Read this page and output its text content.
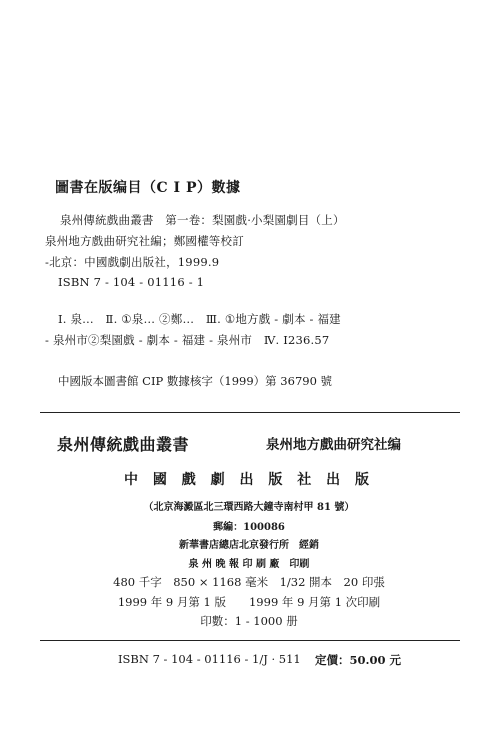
圖書在版编目（C I P）數據
泉州傳統戲曲叢書　第一卷：梨園戲·小梨園劇目（上）
泉州地方戲曲研究社編；鄭國權等校訂
-北京：中國戲劇出版社，1999.9
ISBN 7 - 104 - 01116 - 1
Ⅰ. 泉…　Ⅱ. ①泉… ②鄭…　Ⅲ. ①地方戲 - 劇本 - 福建
- 泉州市②梨園戲 - 劇本 - 福建 - 泉州市　Ⅳ. I236.57
中國版本圖書館 CIP 數據核字（1999）第 36790 號
泉州傳統戲曲叢書	泉州地方戲曲研究社编
中 國 戲 劇 出 版 社 出 版
（北京海澱區北三環西路大鐘寺南村甲 81 號）
郵編：100086
新華書店總店北京發行所　經銷
泉 州 晚 報 印 刷 廠　印刷
480 千字　850 × 1168 毫米　1/32 開本　20 印張
1999 年 9 月第 1 版　　1999 年 9 月第 1 次印刷
印數：1 - 1000 册
ISBN 7 - 104 - 01116 - 1/J · 511 定價：50.00 元
